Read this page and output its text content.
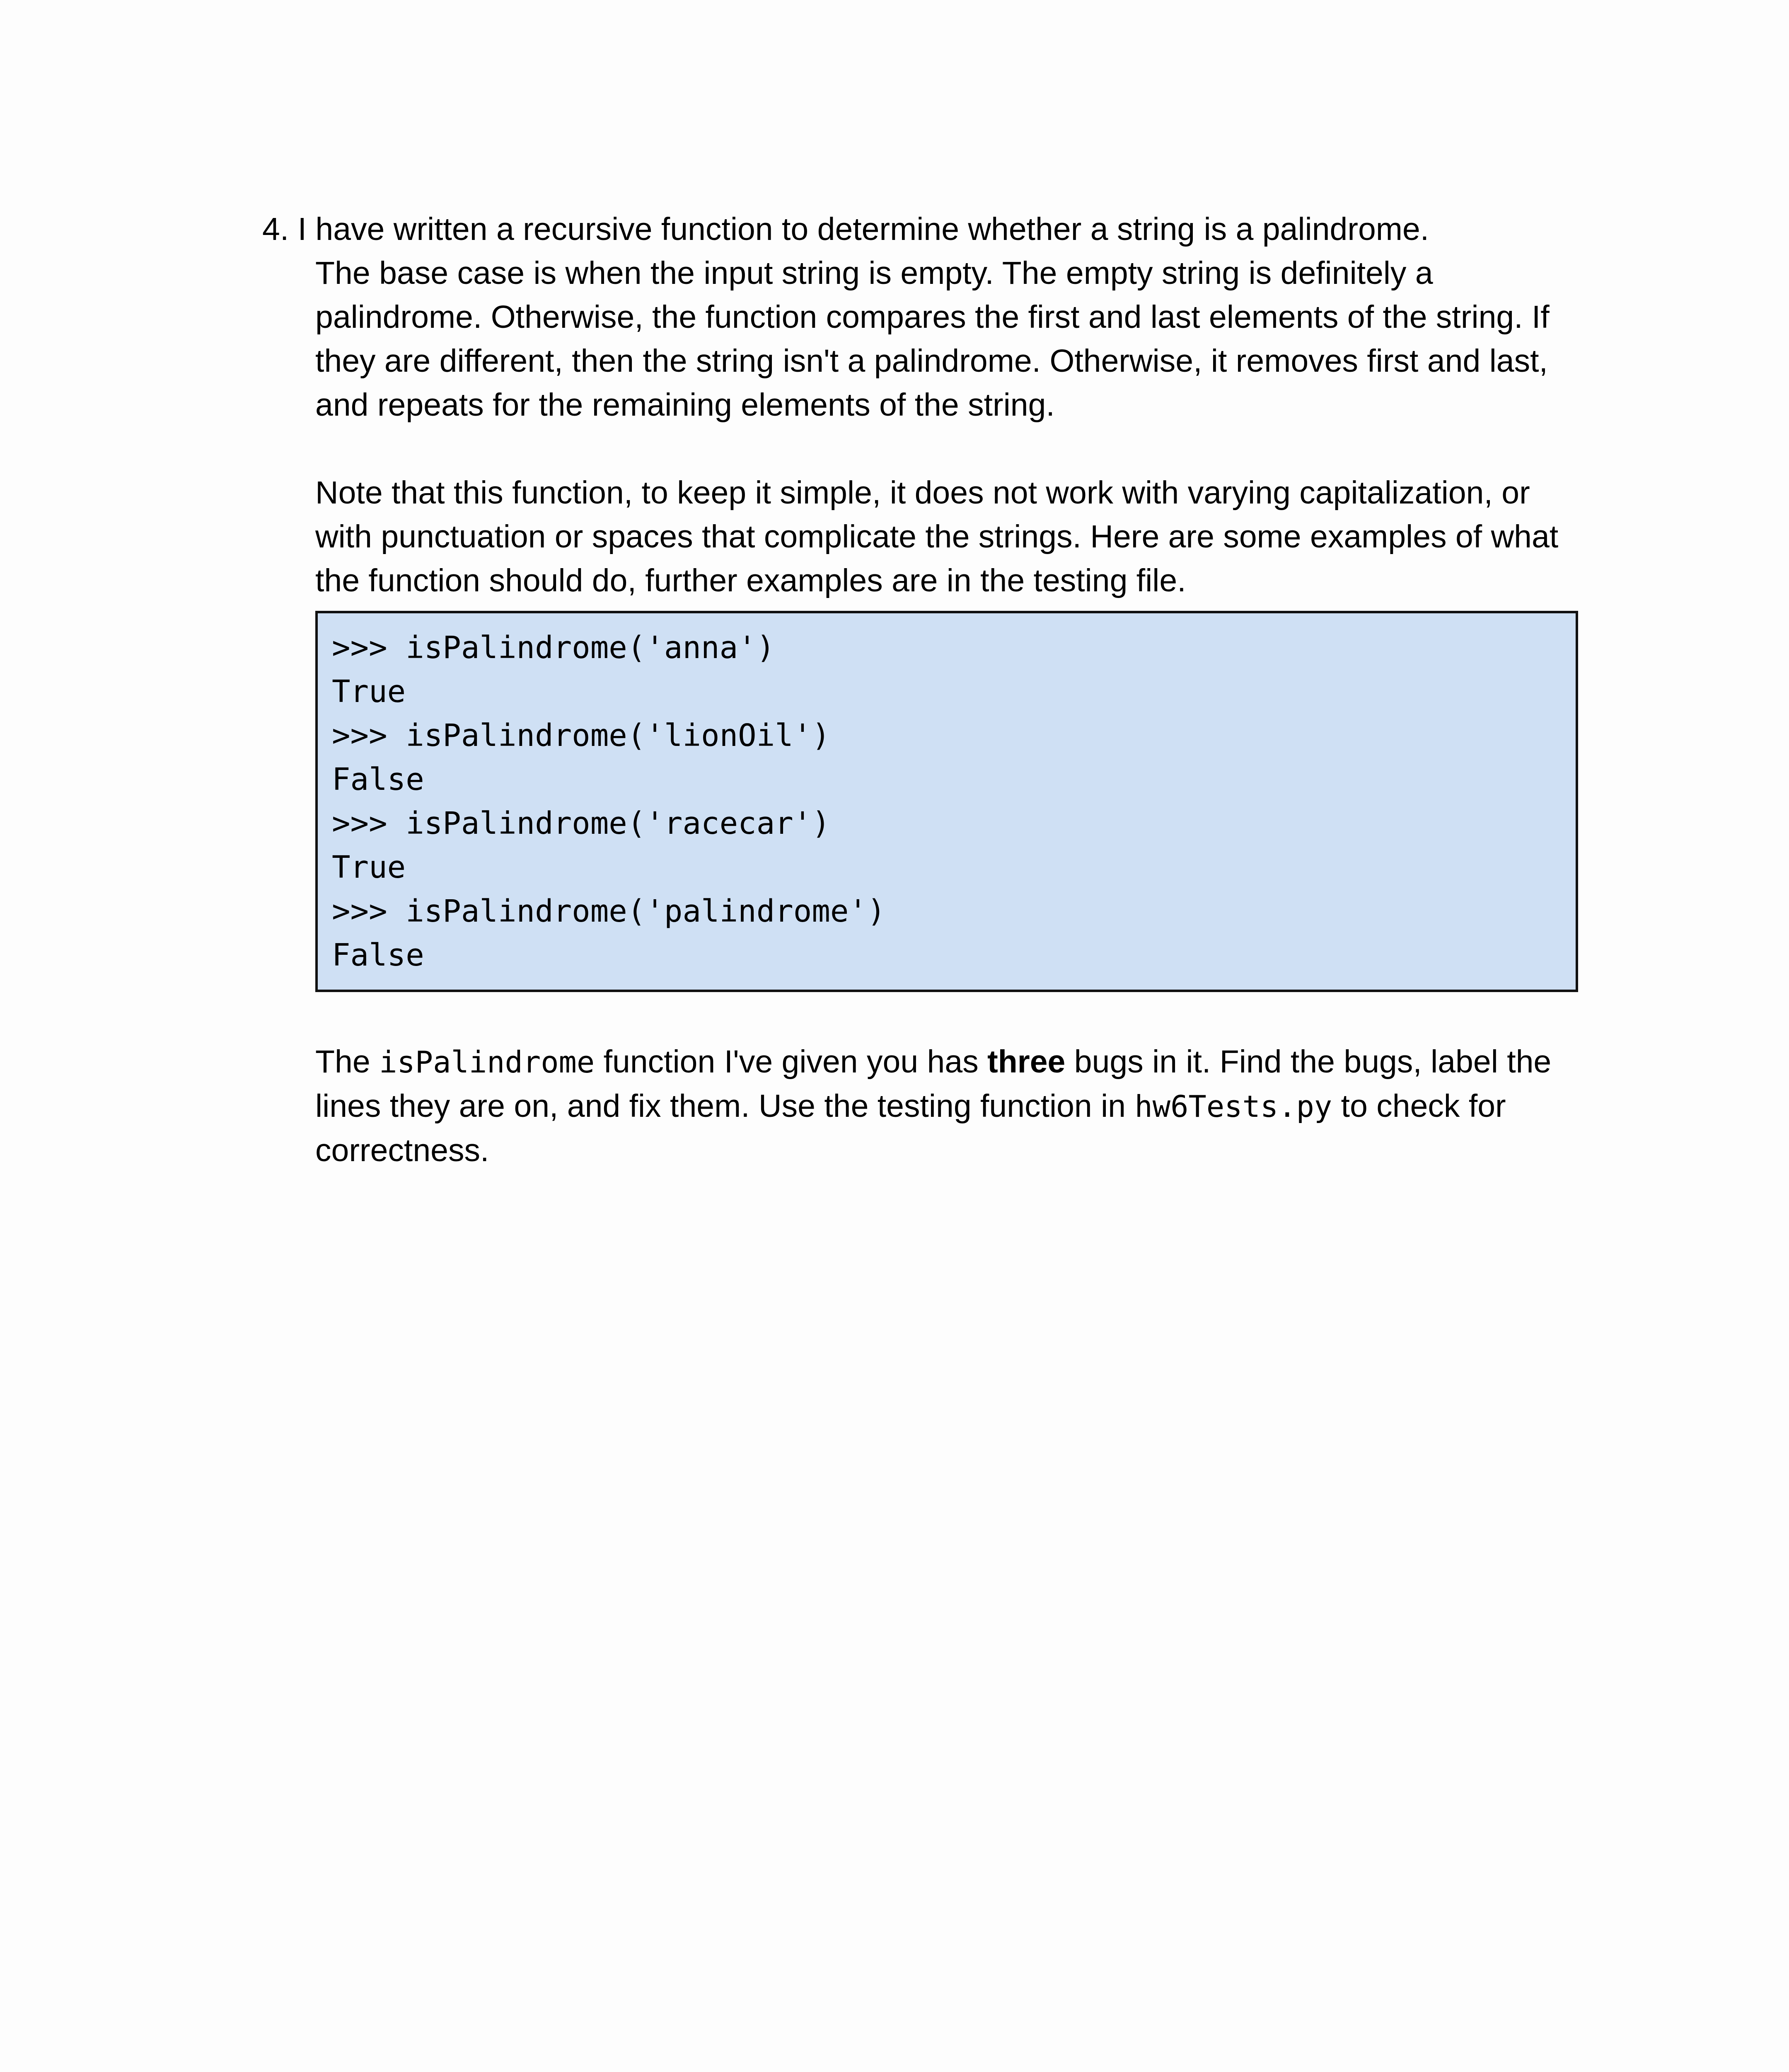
4. I have written a recursive function to determine whether a string is a palindrome.
The base case is when the input string is empty. The empty string is definitely a
palindrome. Otherwise, the function compares the first and last elements of the string. If
they are different, then the string isn't a palindrome. Otherwise, it removes first and last,
and repeats for the remaining elements of the string.
Note that this function, to keep it simple, it does not work with varying capitalization, or
with punctuation or spaces that complicate the strings. Here are some examples of what
the function should do, further examples are in the testing file.
>>> isPalindrome('anna')
True
>>> isPalindrome('lionOil')
False
>>> isPalindrome('racecar')
True
>>> isPalindrome('palindrome')
False
The isPalindrome function I've given you has three bugs in it. Find the bugs, label the
lines they are on, and fix them. Use the testing function in hw6Tests.py to check for
correctness.
